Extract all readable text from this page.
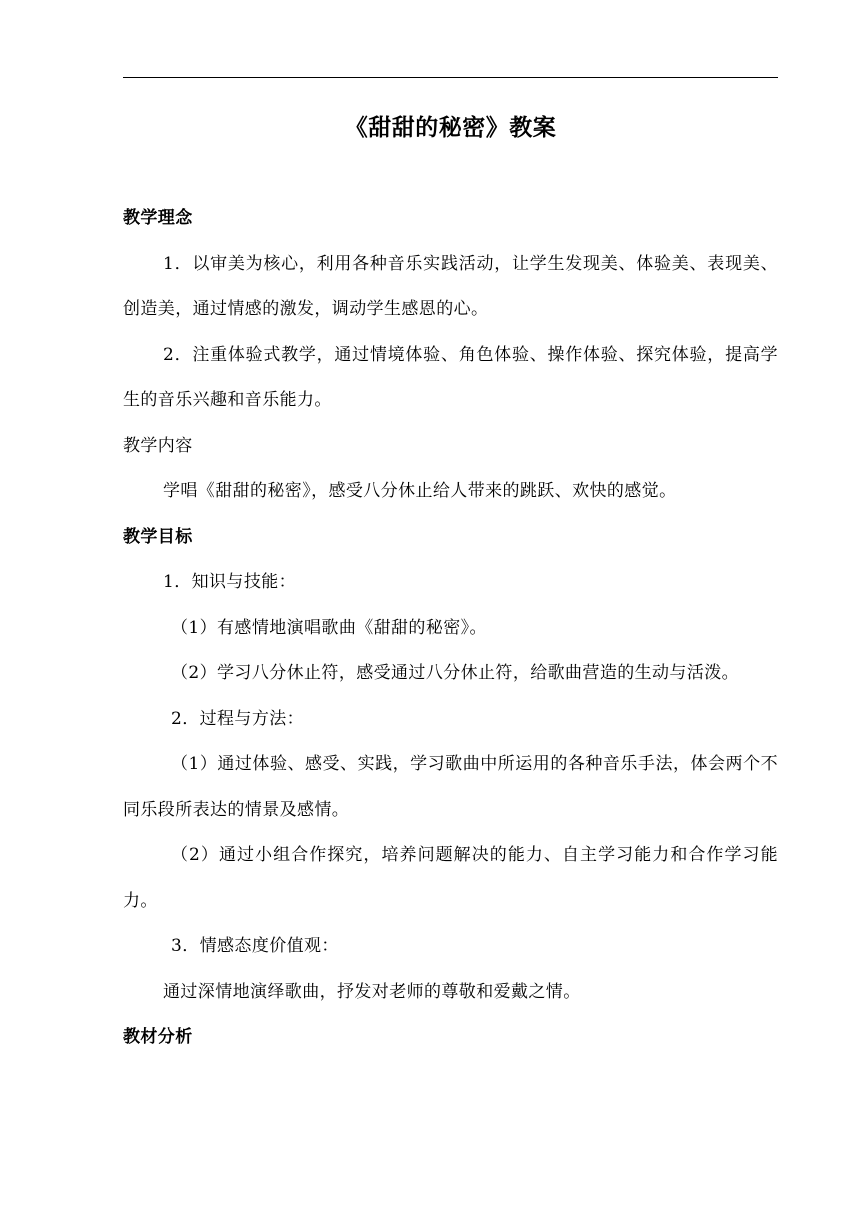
《甜甜的秘密》教案

教学理念

1．以审美为核心，利用各种音乐实践活动，让学生发现美、体验美、表现美、创造美，通过情感的激发，调动学生感恩的心。

2．注重体验式教学，通过情境体验、角色体验、操作体验、探究体验，提高学生的音乐兴趣和音乐能力。

教学内容

学唱《甜甜的秘密》，感受八分休止给人带来的跳跃、欢快的感觉。

教学目标

1．知识与技能：

（1）有感情地演唱歌曲《甜甜的秘密》。

（2）学习八分休止符，感受通过八分休止符，给歌曲营造的生动与活泼。

2．过程与方法：

（1）通过体验、感受、实践，学习歌曲中所运用的各种音乐手法，体会两个不同乐段所表达的情景及感情。

（2）通过小组合作探究，培养问题解决的能力、自主学习能力和合作学习能力。

3．情感态度价值观：

通过深情地演绎歌曲，抒发对老师的尊敬和爱戴之情。

教材分析
